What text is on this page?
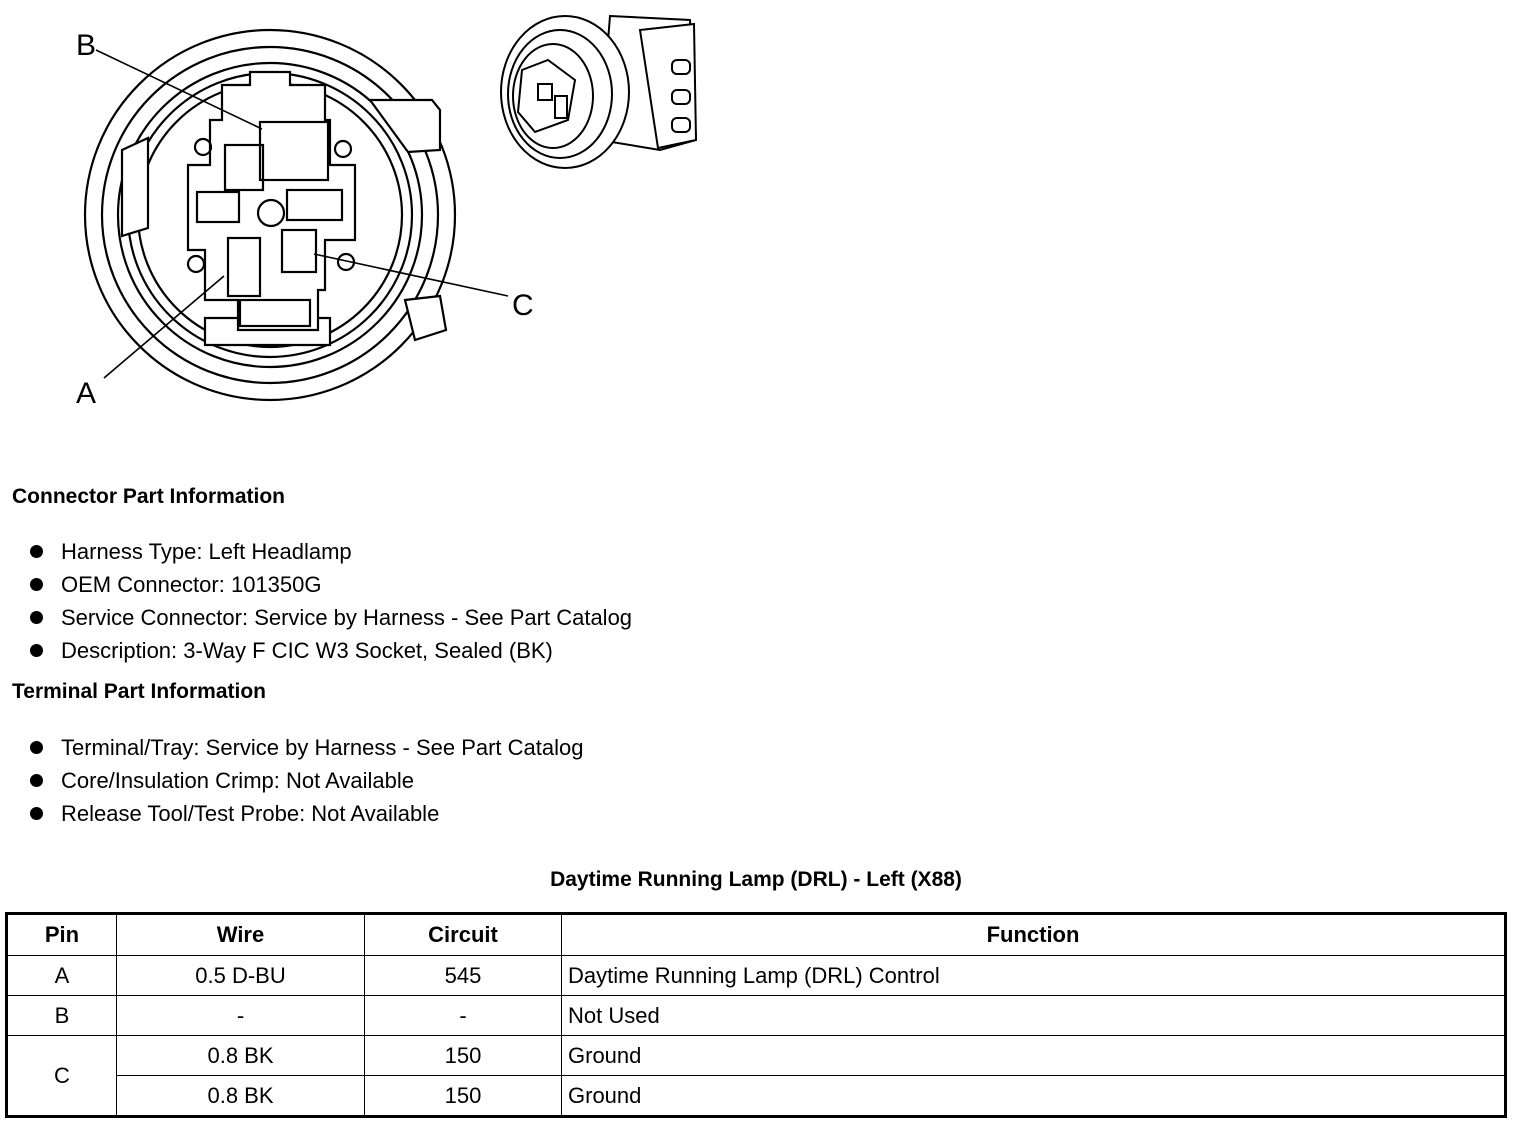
B
A
C
Connector Part Information
Harness Type: Left Headlamp
OEM Connector: 101350G
Service Connector: Service by Harness - See Part Catalog
Description: 3-Way F CIC W3 Socket, Sealed (BK)
Terminal Part Information
Terminal/Tray: Service by Harness - See Part Catalog
Core/Insulation Crimp: Not Available
Release Tool/Test Probe: Not Available
Daytime Running Lamp (DRL) - Left (X88)
Pin	Wire	Circuit	Function
A	0.5 D-BU	545	Daytime Running Lamp (DRL) Control
B	-	-	Not Used
C	0.8 BK	150	Ground
	0.8 BK	150	Ground
